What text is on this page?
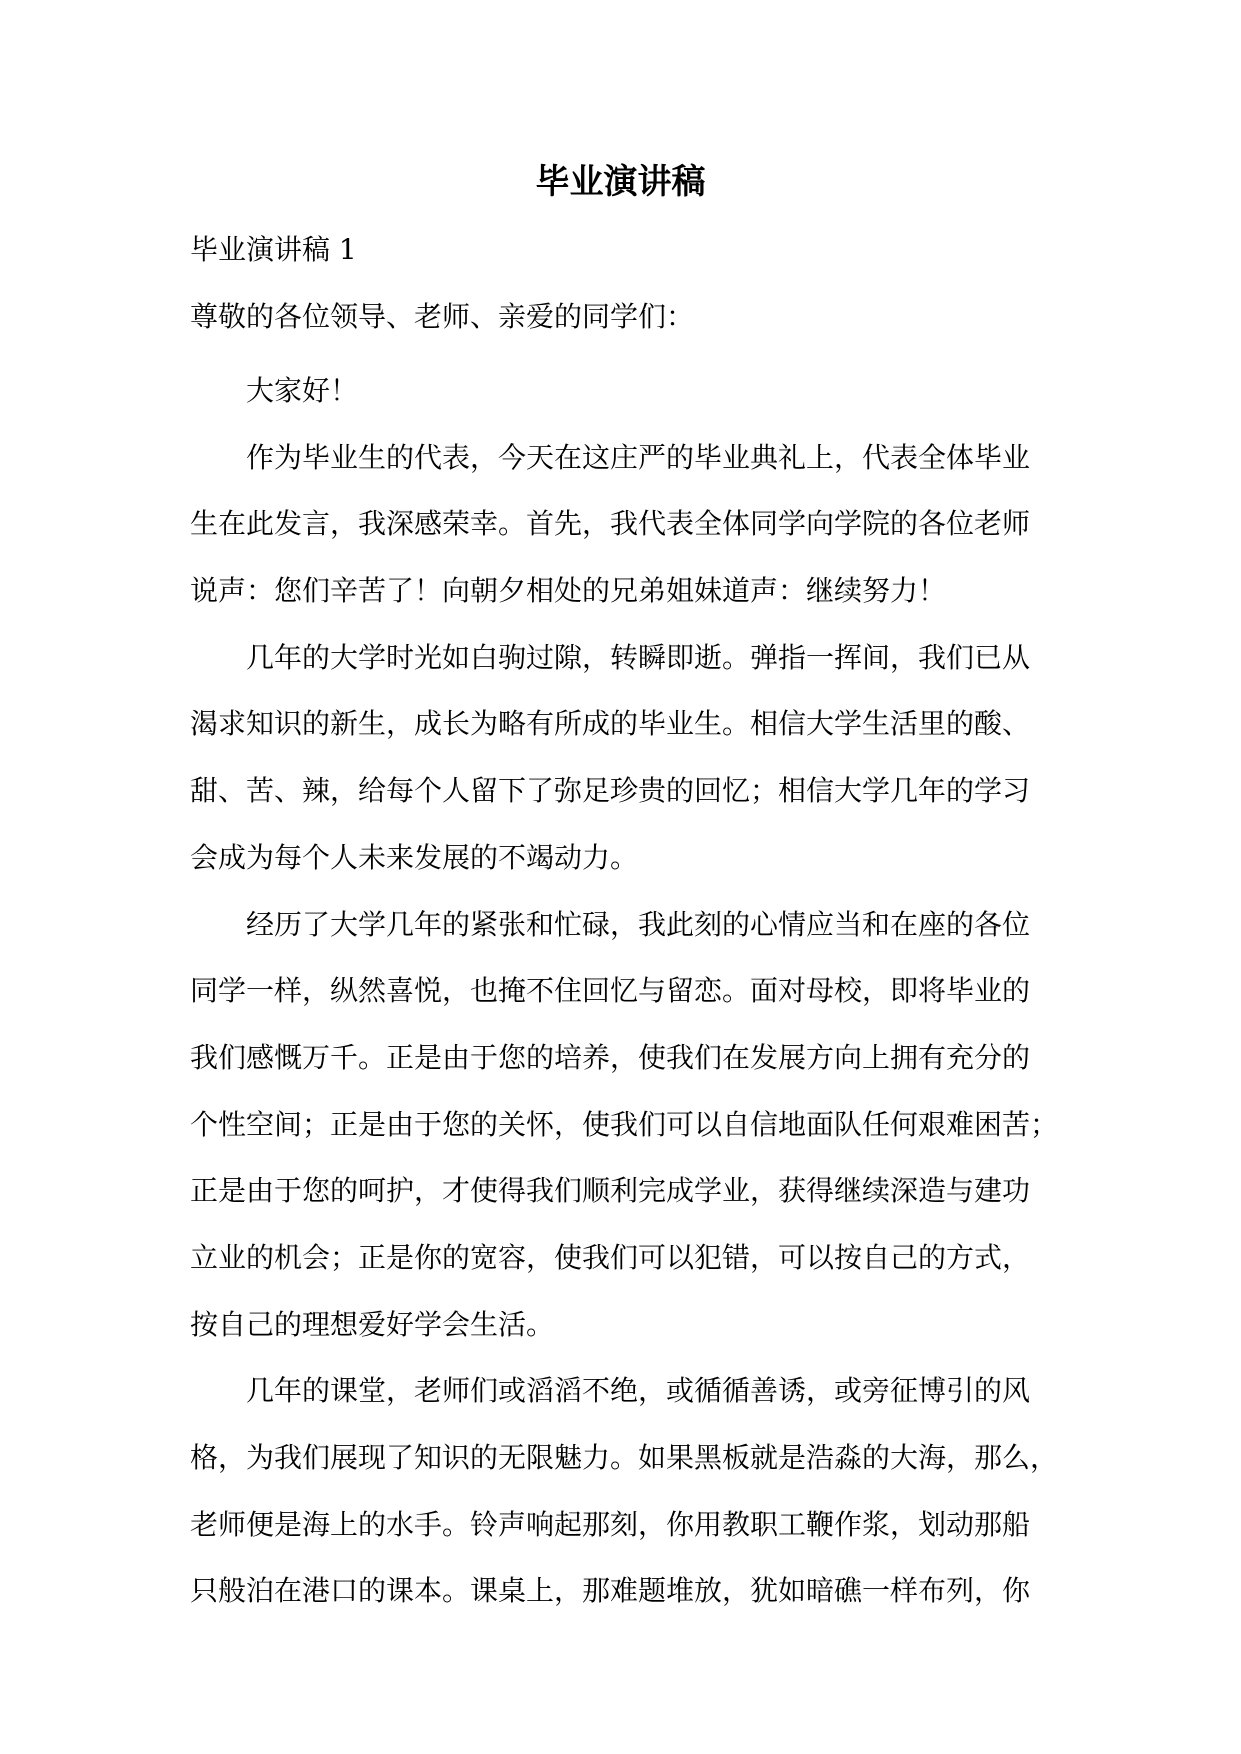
毕业演讲稿

毕业演讲稿 1

尊敬的各位领导、老师、亲爱的同学们：

大家好！
作为毕业生的代表，今天在这庄严的毕业典礼上，代表全体毕业
生在此发言，我深感荣幸。首先，我代表全体同学向学院的各位老师
说声：您们辛苦了！向朝夕相处的兄弟姐妹道声：继续努力！
几年的大学时光如白驹过隙，转瞬即逝。弹指一挥间，我们已从
渴求知识的新生，成长为略有所成的毕业生。相信大学生活里的酸、
甜、苦、辣，给每个人留下了弥足珍贵的回忆；相信大学几年的学习
会成为每个人未来发展的不竭动力。
经历了大学几年的紧张和忙碌，我此刻的心情应当和在座的各位
同学一样，纵然喜悦，也掩不住回忆与留恋。面对母校，即将毕业的
我们感慨万千。正是由于您的培养，使我们在发展方向上拥有充分的
个性空间；正是由于您的关怀，使我们可以自信地面队任何艰难困苦；
正是由于您的呵护，才使得我们顺利完成学业，获得继续深造与建功
立业的机会；正是你的宽容，使我们可以犯错，可以按自己的方式，
按自己的理想爱好学会生活。
几年的课堂，老师们或滔滔不绝，或循循善诱，或旁征博引的风
格，为我们展现了知识的无限魅力。如果黑板就是浩淼的大海，那么，
老师便是海上的水手。铃声响起那刻，你用教职工鞭作浆，划动那船
只般泊在港口的课本。课桌上，那难题堆放，犹如暗礁一样布列，你
